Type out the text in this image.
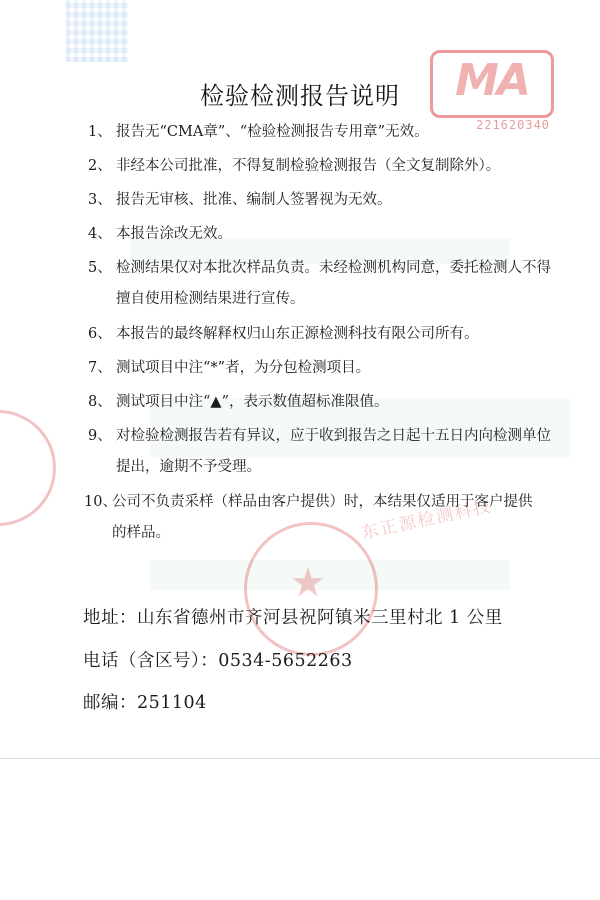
MA
221620340
★
东正源检测科技
检验检测报告说明
1、 报告无“CMA章”、“检验检测报告专用章”无效。
2、 非经本公司批准，不得复制检验检测报告（全文复制除外）。
3、 报告无审核、批准、编制人签署视为无效。
4、 本报告涂改无效。
5、 检测结果仅对本批次样品负责。未经检测机构同意，委托检测人不得擅自使用检测结果进行宣传。
6、 本报告的最终解释权归山东正源检测科技有限公司所有。
7、 测试项目中注“*”者，为分包检测项目。
8、 测试项目中注“▲”，表示数值超标准限值。
9、 对检验检测报告若有异议，应于收到报告之日起十五日内向检测单位提出，逾期不予受理。
10、
公司不负责采样（样品由客户提供）时，本结果仅适用于客户提供的样品。
地址：山东省德州市齐河县祝阿镇米三里村北 1 公里
电话（含区号）：0534-5652263
邮编：251104
